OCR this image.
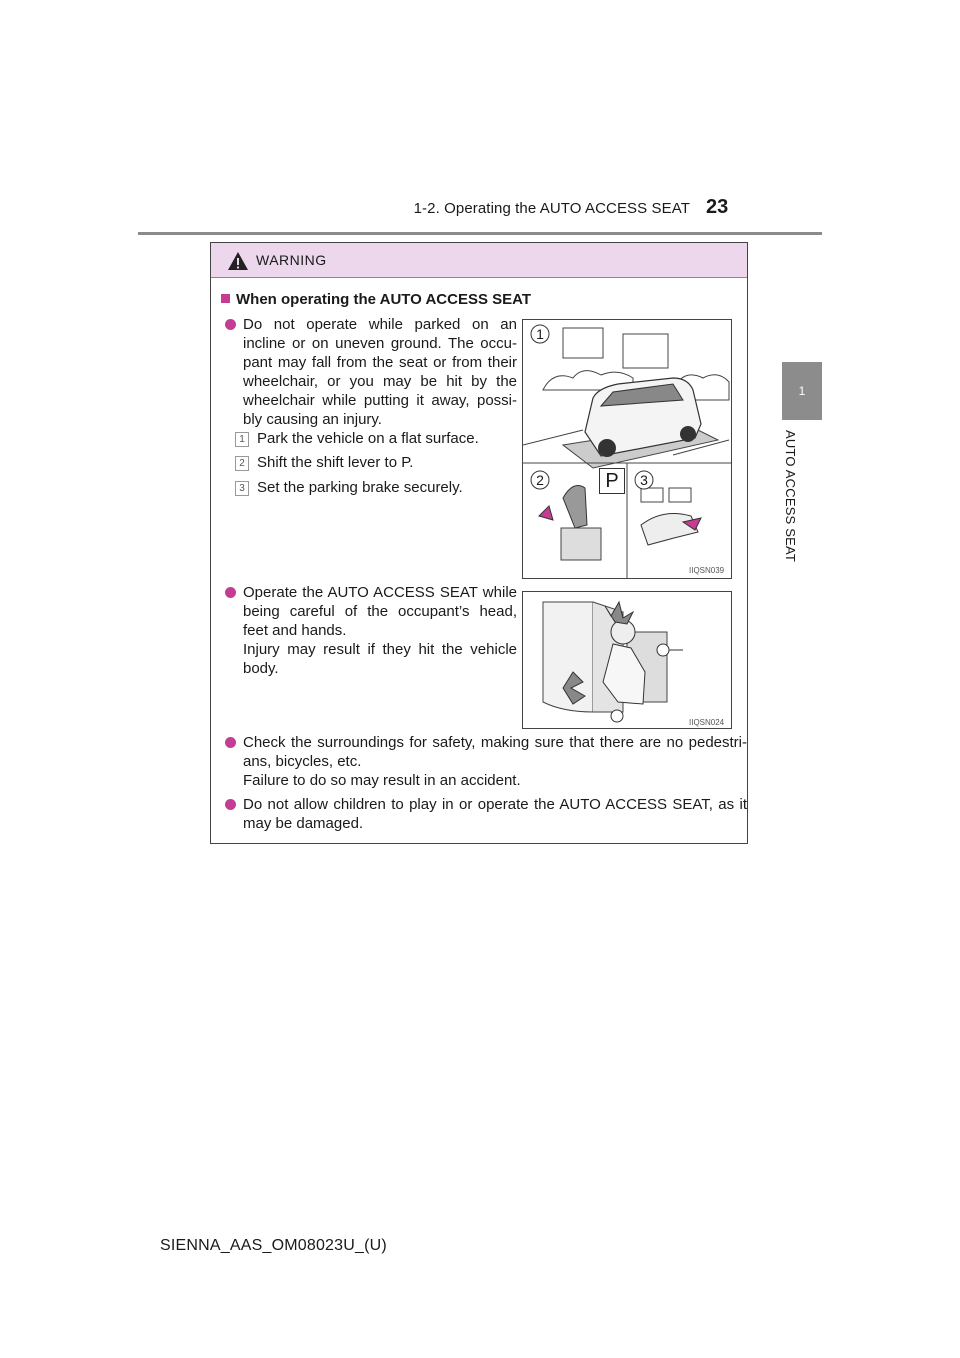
1-2. Operating the AUTO ACCESS SEAT 23
1
AUTO ACCESS SEAT
WARNING
When operating the AUTO ACCESS SEAT
Do not operate while parked on an incline or on uneven ground. The occu-pant may fall from the seat or from their wheelchair, or you may be hit by the wheelchair while putting it away, possi-bly causing an injury.
1 Park the vehicle on a flat surface.
2 Shift the shift lever to P.
3 Set the parking brake securely.
1
2	3
P
IIQSN039
Operate the AUTO ACCESS SEAT while being careful of the occupant’s head, feet and hands.
Injury may result if they hit the vehicle body.
IIQSN024
Check the surroundings for safety, making sure that there are no pedestri-ans, bicycles, etc.
Failure to do so may result in an accident.
Do not allow children to play in or operate the AUTO ACCESS SEAT, as it may be damaged.
SIENNA_AAS_OM08023U_(U)
